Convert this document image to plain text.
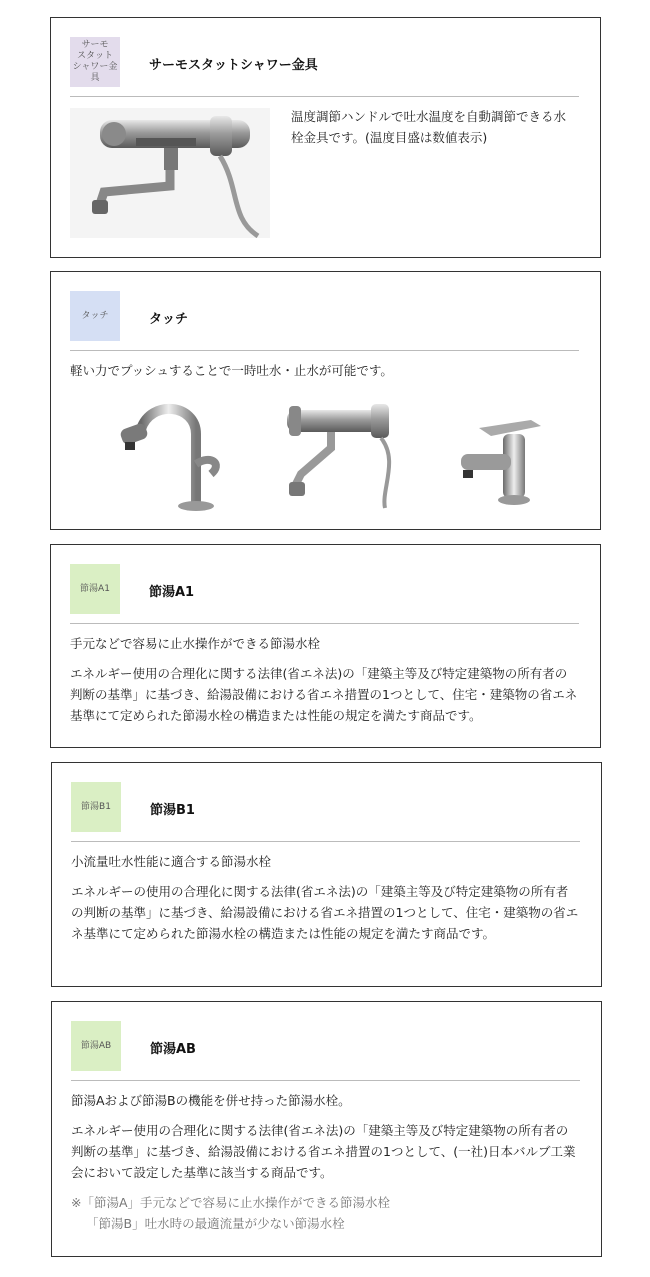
サーモ
スタット
シャワー金具
サーモスタットシャワー金具
温度調節ハンドルで吐水温度を自動調節できる水栓金具です。(温度目盛は数値表示)
タッチ	タッチ
軽い力でプッシュすることで一時吐水・止水が可能です。
節湯A1	節湯A1
手元などで容易に止水操作ができる節湯水栓
エネルギー使用の合理化に関する法律(省エネ法)の「建築主等及び特定建築物の所有者の判断の基準」に基づき、給湯設備における省エネ措置の1つとして、住宅・建築物の省エネ基準にて定められた節湯水栓の構造または性能の規定を満たす商品です。
節湯B1	節湯B1
小流量吐水性能に適合する節湯水栓
エネルギーの使用の合理化に関する法律(省エネ法)の「建築主等及び特定建築物の所有者の判断の基準」に基づき、給湯設備における省エネ措置の1つとして、住宅・建築物の省エネ基準にて定められた節湯水栓の構造または性能の規定を満たす商品です。
節湯AB	節湯AB
節湯Aおよび節湯Bの機能を併せ持った節湯水栓。
エネルギー使用の合理化に関する法律(省エネ法)の「建築主等及び特定建築物の所有者の判断の基準」に基づき、給湯設備における省エネ措置の1つとして、(一社)日本バルブ工業会において設定した基準に該当する商品です。
※「節湯A」手元などで容易に止水操作ができる節湯水栓
「節湯B」吐水時の最適流量が少ない節湯水栓
